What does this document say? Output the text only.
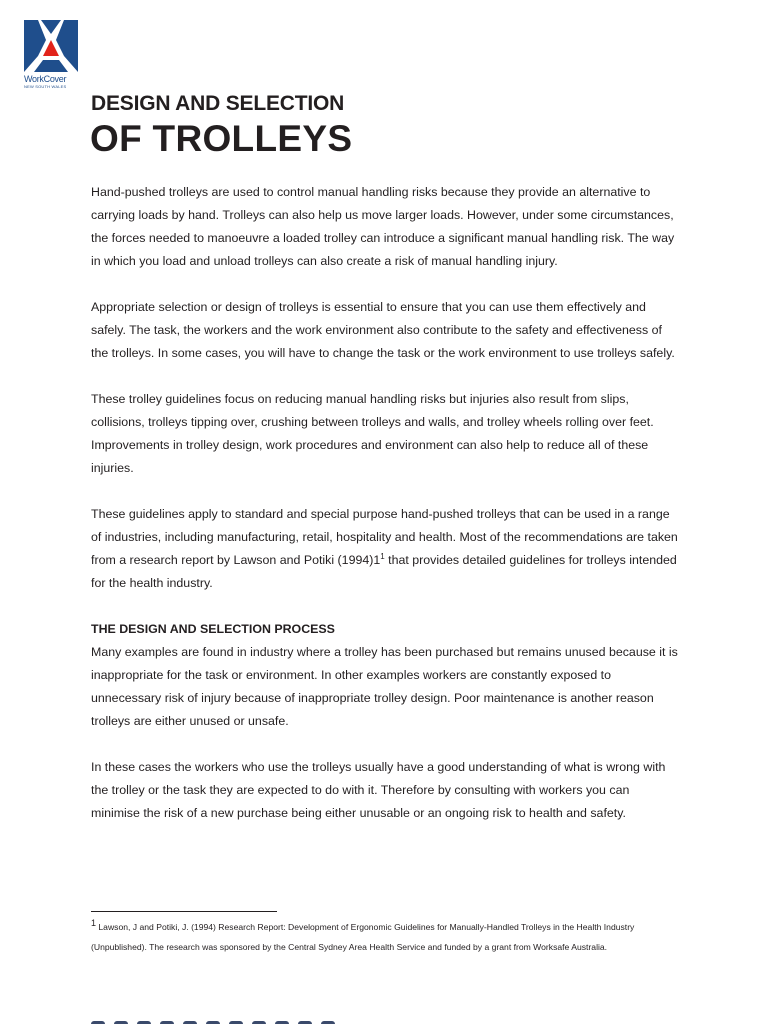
WorkCover
NEW SOUTH WALES
DESIGN AND SELECTION
OF TROLLEYS

Hand-pushed trolleys are used to control manual handling risks because they provide an alternative to carrying loads by hand. Trolleys can also help us move larger loads. However, under some circumstances, the forces needed to manoeuvre a loaded trolley can introduce a significant manual handling risk. The way in which you load and unload trolleys can also create a risk of manual handling injury.

Appropriate selection or design of trolleys is essential to ensure that you can use them effectively and safely. The task, the workers and the work environment also contribute to the safety and effectiveness of the trolleys. In some cases, you will have to change the task or the work environment to use trolleys safely.

These trolley guidelines focus on reducing manual handling risks but injuries also result from slips, collisions, trolleys tipping over, crushing between trolleys and walls, and trolley wheels rolling over feet. Improvements in trolley design, work procedures and environment can also help to reduce all of these injuries.

These guidelines apply to standard and special purpose hand-pushed trolleys that can be used in a range of industries, including manufacturing, retail, hospitality and health. Most of the recommendations are taken from a research report by Lawson and Potiki $(1994)1^1$ that provides detailed guidelines for trolleys intended for the health industry.

THE DESIGN AND SELECTION PROCESS

Many examples are found in industry where a trolley has been purchased but remains unused because it is inappropriate for the task or environment. In other examples workers are constantly exposed to unnecessary risk of injury because of inappropriate trolley design. Poor maintenance is another reason trolleys are either unused or unsafe.

In these cases the workers who use the trolleys usually have a good understanding of what is wrong with the trolley or the task they are expected to do with it. Therefore by consulting with workers you can minimise the risk of a new purchase being either unusable or an ongoing risk to health and safety.

$^1$ Lawson, J and Potiki, J. (1994) Research Report: Development of Ergonomic Guidelines for Manually-Handled Trolleys in the Health Industry (Unpublished). The research was sponsored by the Central Sydney Area Health Service and funded by a grant from Worksafe Australia.
